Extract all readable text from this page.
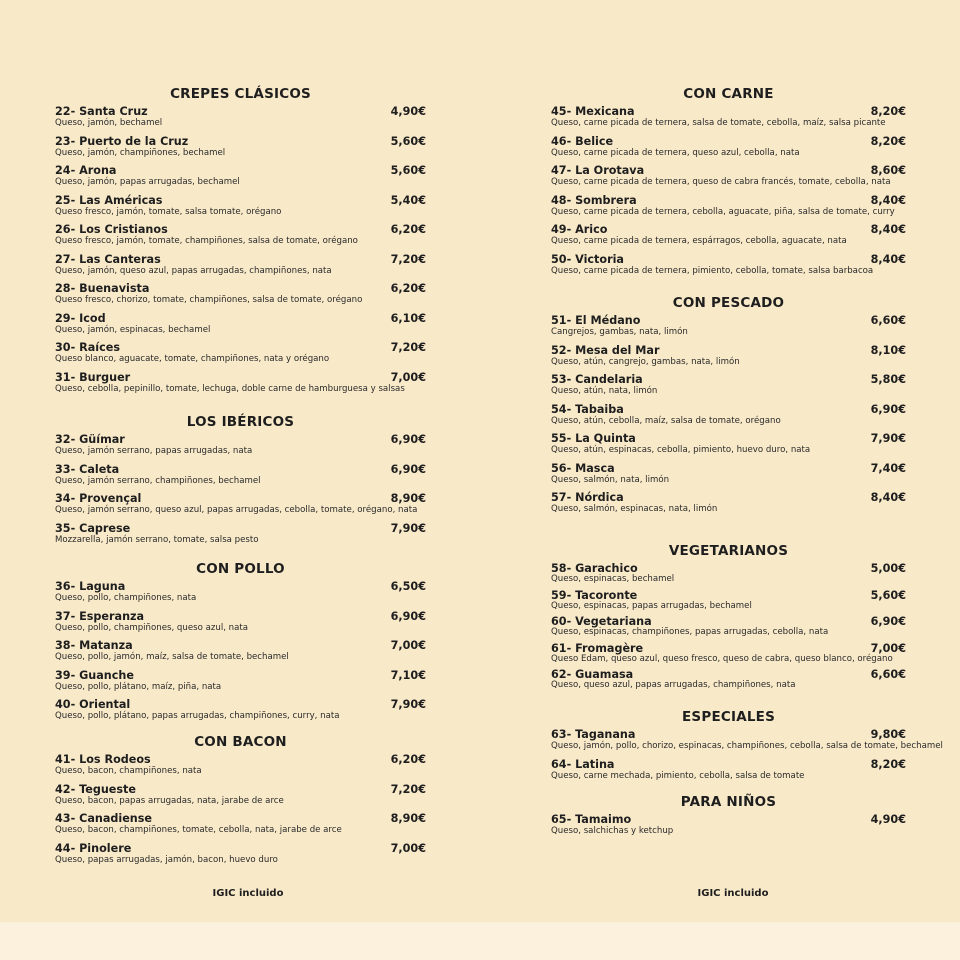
CREPES CLÁSICOS
22- Santa Cruz	4,90€
Queso, jamón, bechamel
23- Puerto de la Cruz	5,60€
Queso, jamón, champiñones, bechamel
24- Arona	5,60€
Queso, jamón, papas arrugadas, bechamel
25- Las Américas	5,40€
Queso fresco, jamón, tomate, salsa tomate, orégano
26- Los Cristianos	6,20€
Queso fresco, jamón, tomate, champiñones, salsa de tomate, orégano
27- Las Canteras	7,20€
Queso, jamón, queso azul, papas arrugadas, champiñones, nata
28- Buenavista	6,20€
Queso fresco, chorizo, tomate, champiñones, salsa de tomate, orégano
29- Icod	6,10€
Queso, jamón, espinacas, bechamel
30- Raíces	7,20€
Queso blanco, aguacate, tomate, champiñones, nata y orégano
31- Burguer	7,00€
Queso, cebolla, pepinillo, tomate, lechuga, doble carne de hamburguesa y salsas
LOS IBÉRICOS
32- Güímar	6,90€
Queso, jamón serrano, papas arrugadas, nata
33- Caleta	6,90€
Queso, jamón serrano, champiñones, bechamel
34- Provençal	8,90€
Queso, jamón serrano, queso azul, papas arrugadas, cebolla, tomate, orégano, nata
35- Caprese	7,90€
Mozzarella, jamón serrano, tomate, salsa pesto
CON POLLO
36- Laguna	6,50€
Queso, pollo, champiñones, nata
37- Esperanza	6,90€
Queso, pollo, champiñones, queso azul, nata
38- Matanza	7,00€
Queso, pollo, jamón, maíz, salsa de tomate, bechamel
39- Guanche	7,10€
Queso, pollo, plátano, maíz, piña, nata
40- Oriental	7,90€
Queso, pollo, plátano, papas arrugadas, champiñones, curry, nata
CON BACON
41- Los Rodeos	6,20€
Queso, bacon, champiñones, nata
42- Tegueste	7,20€
Queso, bacon, papas arrugadas, nata, jarabe de arce
43- Canadiense	8,90€
Queso, bacon, champiñones, tomate, cebolla, nata, jarabe de arce
44- Pinolere	7,00€
Queso, papas arrugadas, jamón, bacon, huevo duro
CON CARNE
45- Mexicana	8,20€
Queso, carne picada de ternera, salsa de tomate, cebolla, maíz, salsa picante
46- Belice	8,20€
Queso, carne picada de ternera, queso azul, cebolla, nata
47- La Orotava	8,60€
Queso, carne picada de ternera, queso de cabra francés, tomate, cebolla, nata
48- Sombrera	8,40€
Queso, carne picada de ternera, cebolla, aguacate, piña, salsa de tomate, curry
49- Arico	8,40€
Queso, carne picada de ternera, espárragos, cebolla, aguacate, nata
50- Victoria	8,40€
Queso, carne picada de ternera, pimiento, cebolla, tomate, salsa barbacoa
CON PESCADO
51- El Médano	6,60€
Cangrejos, gambas, nata, limón
52- Mesa del Mar	8,10€
Queso, atún, cangrejo, gambas, nata, limón
53- Candelaria	5,80€
Queso, atún, nata, limón
54- Tabaiba	6,90€
Queso, atún, cebolla, maíz, salsa de tomate, orégano
55- La Quinta	7,90€
Queso, atún, espinacas, cebolla, pimiento, huevo duro, nata
56- Masca	7,40€
Queso, salmón, nata, limón
57- Nórdica	8,40€
Queso, salmón, espinacas, nata, limón
VEGETARIANOS
58- Garachico	5,00€
Queso, espinacas, bechamel
59- Tacoronte	5,60€
Queso, espinacas, papas arrugadas, bechamel
60- Vegetariana	6,90€
Queso, espinacas, champiñones, papas arrugadas, cebolla, nata
61- Fromagère	7,00€
Queso Edam, queso azul, queso fresco, queso de cabra, queso blanco, orégano
62- Guamasa	6,60€
Queso, queso azul, papas arrugadas, champiñones, nata
ESPECIALES
63- Taganana	9,80€
Queso, jamón, pollo, chorizo, espinacas, champiñones, cebolla, salsa de tomate, bechamel
64- Latina	8,20€
Queso, carne mechada, pimiento, cebolla, salsa de tomate
PARA NIÑOS
65- Tamaimo	4,90€
Queso, salchichas y ketchup
IGIC incluido	IGIC incluido
